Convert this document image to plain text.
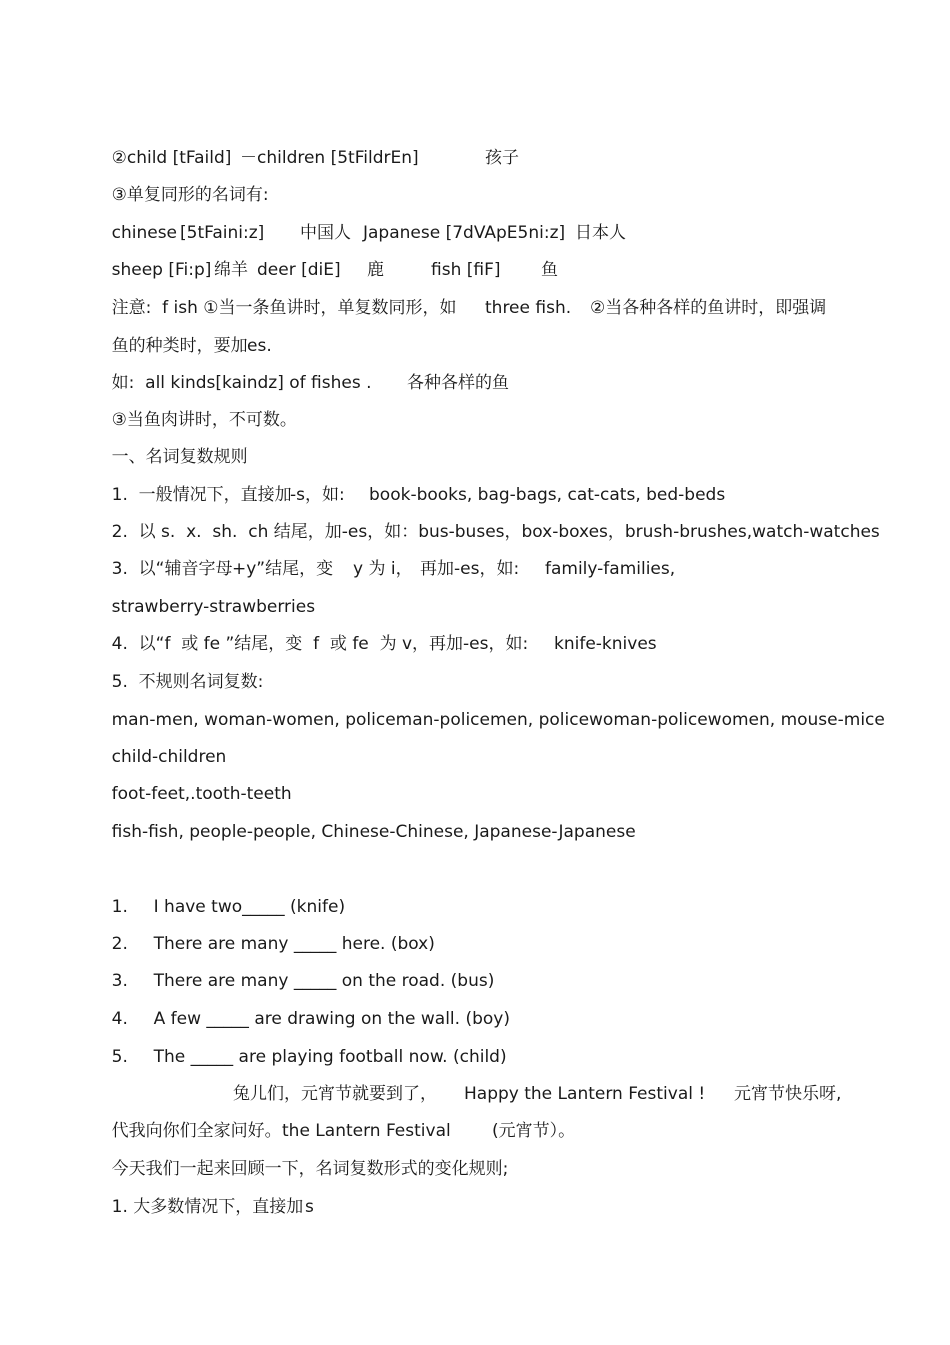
②child [tFaild] －children [5tFildrEn]	孩子

③单复同形的名词有:

chinese [5tFaini:z] 中国人 Japanese [7dVApE5ni:z] 日本人

sheep [Fi:p] 绵羊 deer [diE] 鹿	fish [fiF] 鱼

注意:  f ish ①当一条鱼讲时，单复数同形，如 three fish. ②当各种各样的鱼讲时，即强调

鱼的种类时，要加 es.

如:  all kinds[kaindz] of fishes . 各种各样的鱼

③当鱼肉讲时，不可数。

一、名词复数规则

1.  一般情况下，直接加
-s，如: book-books, bag-bags, cat-cats, bed-beds

2.  以 s.  x.  sh.  ch 结尾，加-es，如：bus-buses，box-boxes，brush-brushes,watch-watches

3.  以“辅音字母 +y”结尾，变 y 为 i， 再加-es，如: family-families,

strawberry-strawberries

4.  以“f  或 fe ”结尾，变  f  或 fe  为 v，再加-es，如: knife-knives

5.  不规则名词复数:

man-men, woman-women, policeman-policemen, policewoman-policewomen, mouse-mice

child-children

foot-feet,.tooth-teeth

fish-fish, people-people, Chinese-Chinese, Japanese-Japanese

1. I have two_____ (knife)

2. There are many _____ here. (box)

3. There are many _____ on the road. (bus)

4. A few _____ are drawing on the wall. (boy)

5. The _____ are playing football now. (child)

兔儿们，元宵节就要到了， Happy the Lantern Festival ! 元宵节快乐呀,

代我向你们全家问好。 the Lantern Festival (元宵节）。

今天我们一起来回顾一下，名词复数形式的变化规则;

1. 大多数情况下，直接加 s
